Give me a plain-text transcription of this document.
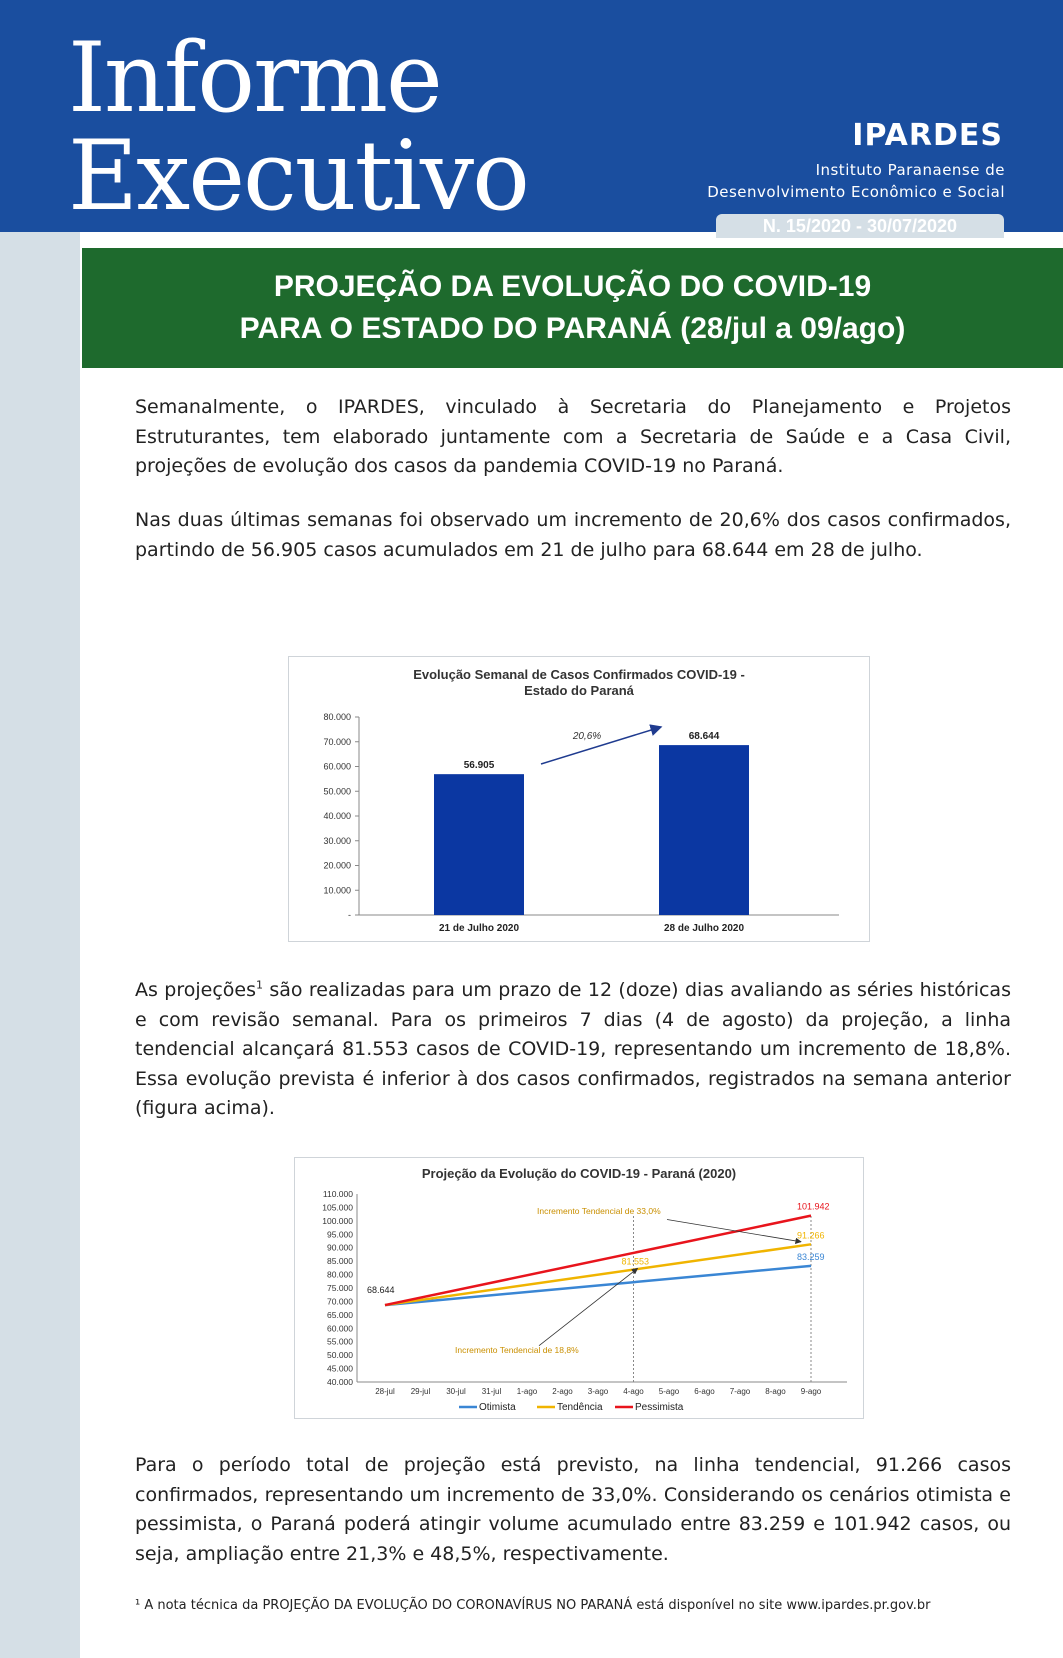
Informe
Executivo	IPARDES
Instituto Paranaense de
Desenvolvimento Econômico e Social
N. 15/2020 - 30/07/2020
PROJEÇÃO DA EVOLUÇÃO DO COVID-19
PARA O ESTADO DO PARANÁ (28/jul a 09/ago)
Semanalmente, o IPARDES, vinculado à Secretaria do Planejamento e Projetos Estruturantes, tem elaborado juntamente com a Secretaria de Saúde e a Casa Civil, projeções de evolução dos casos da pandemia COVID-19 no Paraná.
Nas duas últimas semanas foi observado um incremento de 20,6% dos casos confirmados, partindo de 56.905 casos acumulados em 21 de julho para 68.644 em 28 de julho.
Evolução Semanal de Casos Confirmados COVID-19 -
Estado do Paraná
-
10.000
20.000
30.000
40.000
50.000
60.000
70.000
80.000
56.905
21 de Julho 2020
68.644
28 de Julho 2020
20,6%
As projeções$^1$ são realizadas para um prazo de 12 (doze) dias avaliando as séries históricas e com revisão semanal. Para os primeiros 7 dias (4 de agosto) da projeção, a linha tendencial alcançará 81.553 casos de COVID-19, representando um incremento de 18,8%. Essa evolução prevista é inferior à dos casos confirmados, registrados na semana anterior (figura acima).
Projeção da Evolução do COVID-19 - Paraná (2020)
40.000
45.000
50.000
55.000
60.000
65.000
70.000
75.000
80.000
85.000
90.000
95.000
100.000
105.000
110.000
28-jul 29-jul 30-jul 31-jul 1-ago 2-ago 3-ago 4-ago 5-ago 6-ago 7-ago 8-ago 9-ago
68.644
83.259
91.266
101.942
81.553
Incremento Tendencial de 33,0%
Incremento Tendencial de 18,8%
Otimista	Tendência	Pessimista
Para o período total de projeção está previsto, na linha tendencial, 91.266 casos confirmados, representando um incremento de 33,0%. Considerando os cenários otimista e pessimista, o Paraná poderá atingir volume acumulado entre 83.259 e 101.942 casos, ou seja, ampliação entre 21,3% e 48,5%, respectivamente.
¹ A nota técnica da PROJEÇÃO DA EVOLUÇÃO DO CORONAVÍRUS NO PARANÁ está disponível no site www.ipardes.pr.gov.br
